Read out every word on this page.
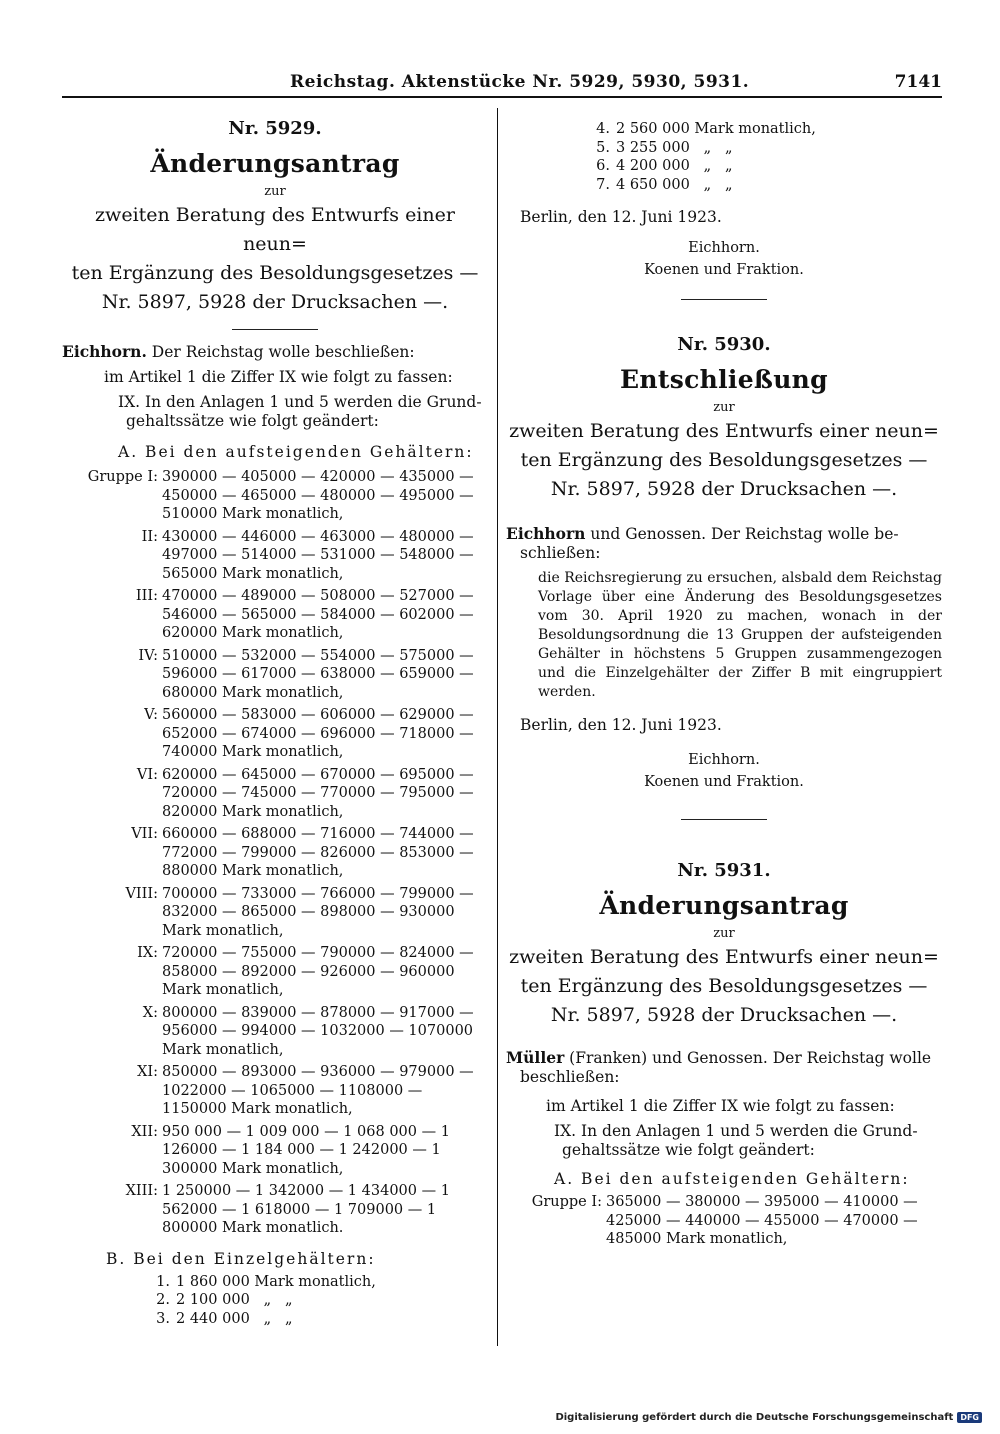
Reichstag. Aktenstücke Nr. 5929, 5930, 5931.	7141
Nr. 5929.
Änderungsantrag
zur
zweiten Beratung des Entwurfs einer neun=
ten Ergänzung des Besoldungsgesetzes —
Nr. 5897, 5928 der Drucksachen —.
Eichhorn. Der Reichstag wolle beschließen:
im Artikel 1 die Ziffer IX wie folgt zu fassen:
IX. In den Anlagen 1 und 5 werden die Grund-
gehaltssätze wie folgt geändert:
A. Bei den aufsteigenden Gehältern:
Gruppe I: 390000 — 405000 — 420000 — 435000 — 450000 — 465000 — 480000 — 495000 — 510000 Mark monatlich,
II: 430000 — 446000 — 463000 — 480000 — 497000 — 514000 — 531000 — 548000 — 565000 Mark monatlich,
III: 470000 — 489000 — 508000 — 527000 — 546000 — 565000 — 584000 — 602000 — 620000 Mark monatlich,
IV: 510000 — 532000 — 554000 — 575000 — 596000 — 617000 — 638000 — 659000 — 680000 Mark monatlich,
V: 560000 — 583000 — 606000 — 629000 — 652000 — 674000 — 696000 — 718000 — 740000 Mark monatlich,
VI: 620000 — 645000 — 670000 — 695000 — 720000 — 745000 — 770000 — 795000 — 820000 Mark monatlich,
VII: 660000 — 688000 — 716000 — 744000 — 772000 — 799000 — 826000 — 853000 — 880000 Mark monatlich,
VIII: 700000 — 733000 — 766000 — 799000 — 832000 — 865000 — 898000 — 930000 Mark monatlich,
IX: 720000 — 755000 — 790000 — 824000 — 858000 — 892000 — 926000 — 960000 Mark monatlich,
X: 800000 — 839000 — 878000 — 917000 — 956000 — 994000 — 1032000 — 1070000 Mark monatlich,
XI: 850000 — 893000 — 936000 — 979000 — 1022000 — 1065000 — 1108000 — 1150000 Mark monatlich,
XII: 950 000 — 1 009 000 — 1 068 000 — 1 126000 — 1 184 000 — 1 242000 — 1 300000 Mark monatlich,
XIII: 1 250000 — 1 342000 — 1 434000 — 1 562000 — 1 618000 — 1 709000 — 1 800000 Mark monatlich.
B. Bei den Einzelgehältern:
1. 1 860 000 Mark monatlich,
2. 2 100 000   „   „
3. 2 440 000   „   „
4. 2 560 000 Mark monatlich,
5. 3 255 000   „   „
6. 4 200 000   „   „
7. 4 650 000   „   „
Berlin, den 12. Juni 1923.
Eichhorn.
Koenen und Fraktion.
Nr. 5930.
Entschließung
zur
zweiten Beratung des Entwurfs einer neun=
ten Ergänzung des Besoldungsgesetzes —
Nr. 5897, 5928 der Drucksachen —.
Eichhorn und Genossen. Der Reichstag wolle be-
schließen:
die Reichsregierung zu ersuchen, alsbald dem Reichstag Vorlage über eine Änderung des Besoldungsgesetzes vom 30. April 1920 zu machen, wonach in der Besoldungsordnung die 13 Gruppen der aufsteigenden Gehälter in höchstens 5 Gruppen zusammengezogen und die Einzelgehälter der Ziffer B mit eingruppiert werden.
Berlin, den 12. Juni 1923.
Eichhorn.
Koenen und Fraktion.
Nr. 5931.
Änderungsantrag
zur
zweiten Beratung des Entwurfs einer neun=
ten Ergänzung des Besoldungsgesetzes —
Nr. 5897, 5928 der Drucksachen —.
Müller (Franken) und Genossen. Der Reichstag wolle
beschließen:
im Artikel 1 die Ziffer IX wie folgt zu fassen:
IX. In den Anlagen 1 und 5 werden die Grund-
gehaltssätze wie folgt geändert:
A. Bei den aufsteigenden Gehältern:
Gruppe I: 365000 — 380000 — 395000 — 410000 — 425000 — 440000 — 455000 — 470000 — 485000 Mark monatlich,
Digitalisierung gefördert durch die Deutsche Forschungsgemeinschaft DFG
